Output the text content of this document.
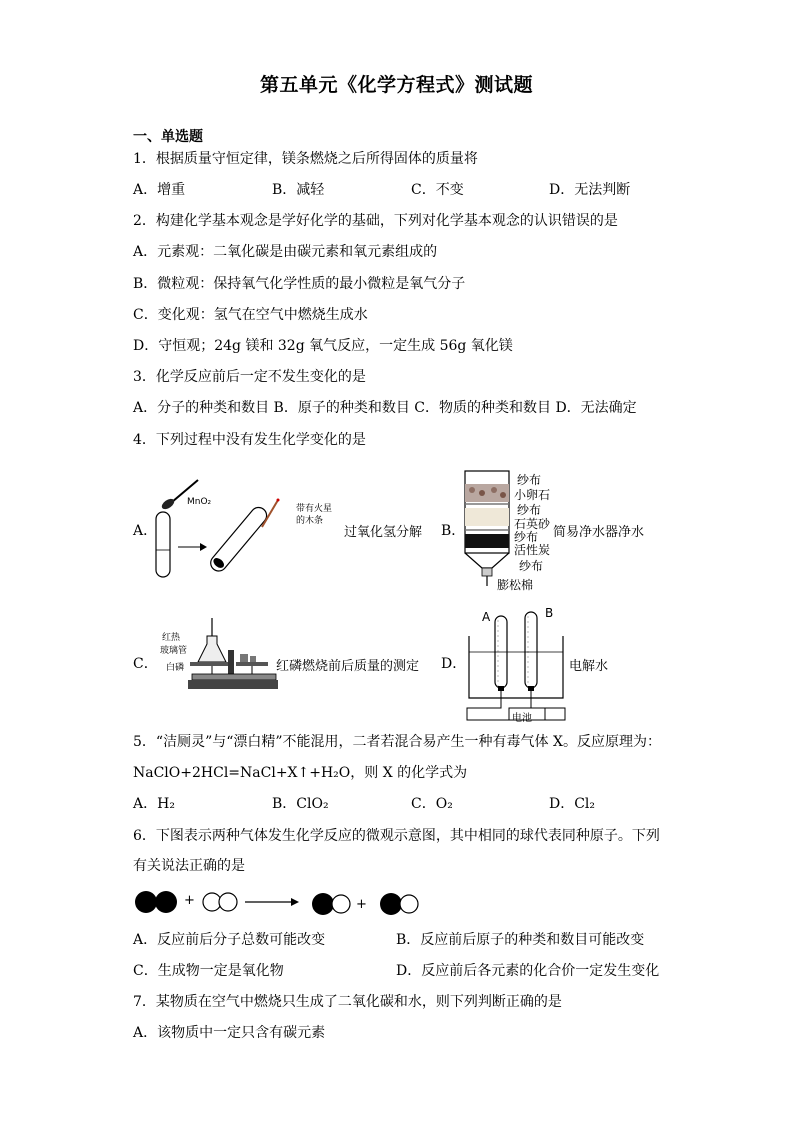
第五单元《化学方程式》测试题
一、单选题
1．根据质量守恒定律，镁条燃烧之后所得固体的质量将
A．增重	B．减轻	C．不变	D．无法判断
2．构建化学基本观念是学好化学的基础，下列对化学基本观念的认识错误的是
A．元素观：二氧化碳是由碳元素和氧元素组成的
B．微粒观：保持氧气化学性质的最小微粒是氧气分子
C．变化观：氢气在空气中燃烧生成水
D．守恒观；24g 镁和 32g 氧气反应，一定生成 56g 氧化镁
3．化学反应前后一定不发生变化的是
A．分子的种类和数目 B．原子的种类和数目 C．物质的种类和数目 D．无法确定
4．下列过程中没有发生化学变化的是
A．
MnO₂
带有火星
的木条
过氧化氢分解 B．
纱布
小卵石
纱布
石英砂
纱布
活性炭
纱布
膨松棉
简易净水器净水
C．
红热
玻璃管
白磷	红磷燃烧前后质量的测定 D．
A	B
电池
电解水
5．“洁厕灵”与“漂白精”不能混用，二者若混合易产生一种有毒气体 X。反应原理为：
NaClO+2HCl=NaCl+X↑+H₂O，则 X 的化学式为
A．H₂	B．ClO₂	C．O₂	D．Cl₂
6．下图表示两种气体发生化学反应的微观示意图，其中相同的球代表同种原子。下列
有关说法正确的是
+	+
A．反应前后分子总数可能改变	B．反应前后原子的种类和数目可能改变
C．生成物一定是氧化物	D．反应前后各元素的化合价一定发生变化
7．某物质在空气中燃烧只生成了二氧化碳和水，则下列判断正确的是
A．该物质中一定只含有碳元素
